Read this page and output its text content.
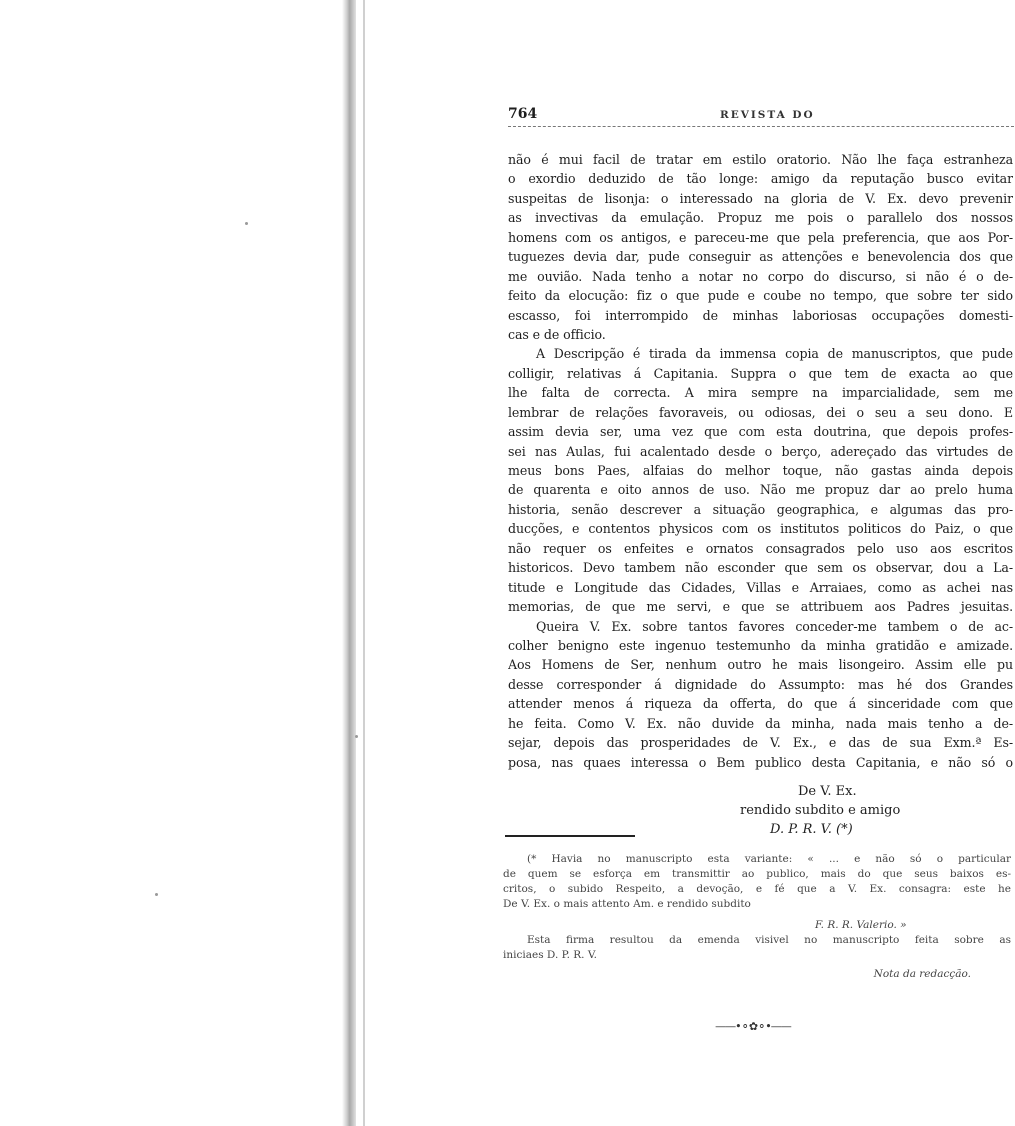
764	REVISTA DO
não é mui facil de tratar em estilo oratorio. Não lhe faça estranheza
o exordio deduzido de tão longe: amigo da reputação busco evitar
suspeitas de lisonja: o interessado na gloria de V. Ex. devo prevenir
as invectivas da emulação. Propuz me pois o parallelo dos nossos
homens com os antigos, e pareceu-me que pela preferencia, que aos Por-
tuguezes devia dar, pude conseguir as attenções e benevolencia dos que
me ouvião. Nada tenho a notar no corpo do discurso, si não é o de-
feito da elocução: fiz o que pude e coube no tempo, que sobre ter sido
escasso, foi interrompido de minhas laboriosas occupações domesti-
cas e de officio.
A Descripção é tirada da immensa copia de manuscriptos, que pude
colligir, relativas á Capitania. Suppra o que tem de exacta ao que
lhe falta de correcta. A mira sempre na imparcialidade, sem me
lembrar de relações favoraveis, ou odiosas, dei o seu a seu dono. E
assim devia ser, uma vez que com esta doutrina, que depois profes-
sei nas Aulas, fui acalentado desde o berço, adereçado das virtudes de
meus bons Paes, alfaias do melhor toque, não gastas ainda depois
de quarenta e oito annos de uso. Não me propuz dar ao prelo huma
historia, senão descrever a situação geographica, e algumas das pro-
ducções, e contentos physicos com os institutos politicos do Paiz, o que
não requer os enfeites e ornatos consagrados pelo uso aos escritos
historicos. Devo tambem não esconder que sem os observar, dou a La-
titude e Longitude das Cidades, Villas e Arraiaes, como as achei nas
memorias, de que me servi, e que se attribuem aos Padres jesuitas.
Queira V. Ex. sobre tantos favores conceder-me tambem o de ac-
colher benigno este ingenuo testemunho da minha gratidão e amizade.
Aos Homens de Ser, nenhum outro he mais lisongeiro. Assim elle pu
desse corresponder á dignidade do Assumpto: mas hé dos Grandes
attender menos á riqueza da offerta, do que á sinceridade com que
he feita. Como V. Ex. não duvide da minha, nada mais tenho a de-
sejar, depois das prosperidades de V. Ex., e das de sua Exm.ª Es-
posa, nas quaes interessa o Bem publico desta Capitania, e não só o
De V. Ex.
rendido subdito e amigo
D. P. R. V. (*)
(* Havia no manuscripto esta variante: « ... e não só o particular
de quem se esforça em transmittir ao publico, mais do que seus baixos es-
critos, o subido Respeito, a devoção, e fé que a V. Ex. consagra: este he
De V. Ex. o mais attento Am. e rendido subdito
F. R. R. Valerio. »
Esta firma resultou da emenda visivel no manuscripto feita sobre as
iniciaes D. P. R. V.
Nota da redacção.
——•⚬✿⚬•——
